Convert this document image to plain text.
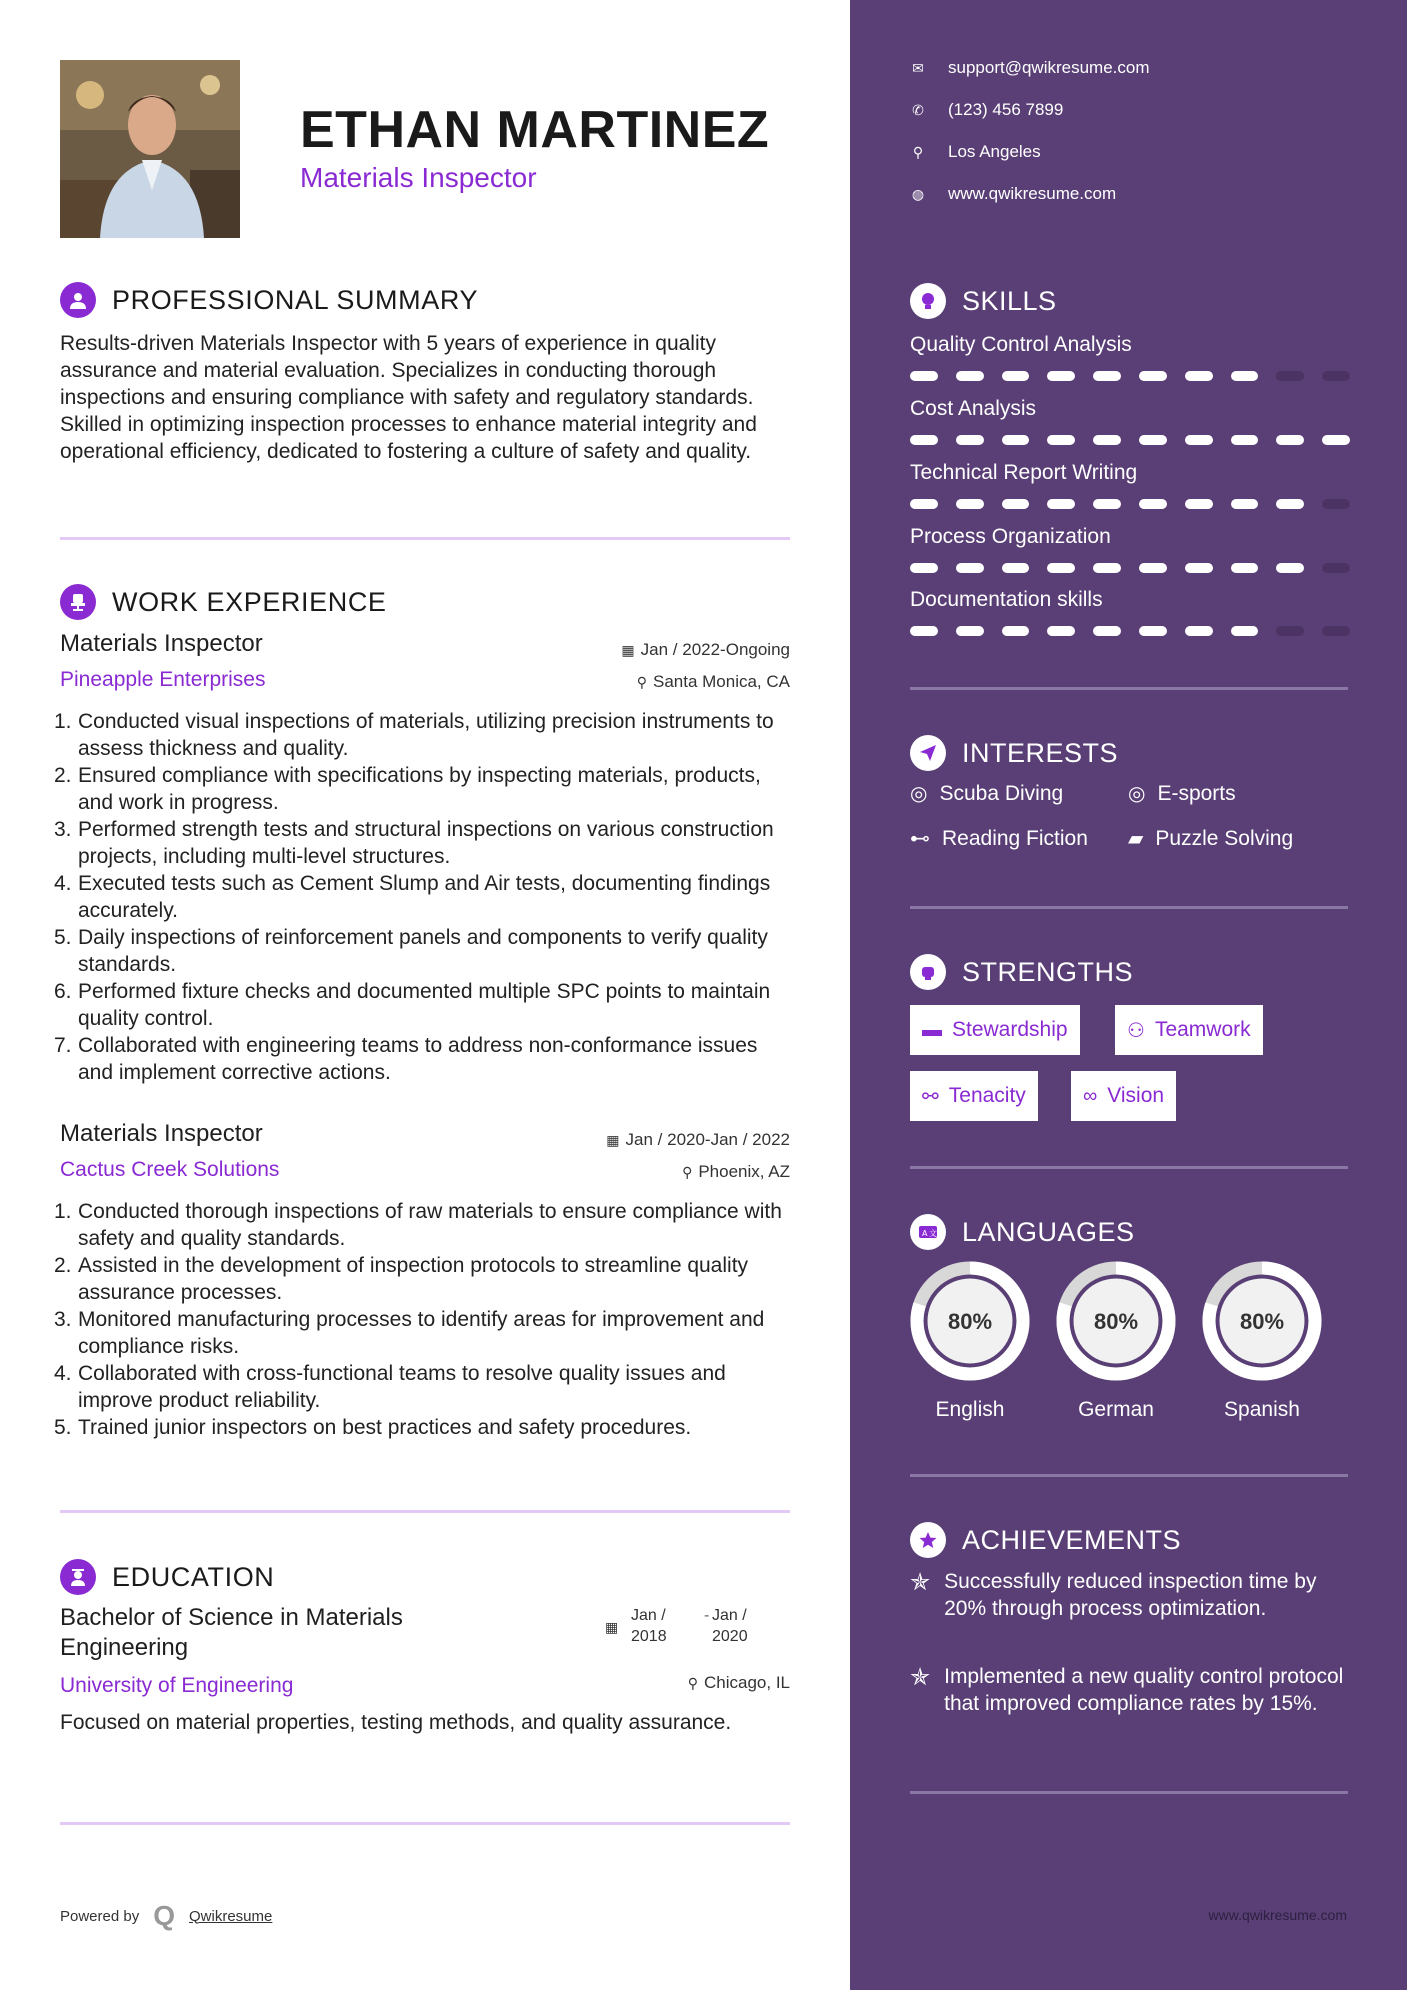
ETHAN MARTINEZ
Materials Inspector
PROFESSIONAL SUMMARY
Results-driven Materials Inspector with 5 years of experience in quality assurance and material evaluation. Specializes in conducting thorough inspections and ensuring compliance with safety and regulatory standards. Skilled in optimizing inspection processes to enhance material integrity and operational efficiency, dedicated to fostering a culture of safety and quality.
WORK EXPERIENCE
Materials Inspector
Pineapple Enterprises
▦ Jan / 2022-Ongoing
⚲ Santa Monica, CA
1. Conducted visual inspections of materials, utilizing precision instruments to assess thickness and quality.
2. Ensured compliance with specifications by inspecting materials, products, and work in progress.
3. Performed strength tests and structural inspections on various construction projects, including multi-level structures.
4. Executed tests such as Cement Slump and Air tests, documenting findings accurately.
5. Daily inspections of reinforcement panels and components to verify quality standards.
6. Performed fixture checks and documented multiple SPC points to maintain quality control.
7. Collaborated with engineering teams to address non-conformance issues and implement corrective actions.
Materials Inspector
Cactus Creek Solutions
▦ Jan / 2020-Jan / 2022
⚲ Phoenix, AZ
1. Conducted thorough inspections of raw materials to ensure compliance with safety and quality standards.
2. Assisted in the development of inspection protocols to streamline quality assurance processes.
3. Monitored manufacturing processes to identify areas for improvement and compliance risks.
4. Collaborated with cross-functional teams to resolve quality issues and improve product reliability.
5. Trained junior inspectors on best practices and safety procedures.
EDUCATION
Bachelor of Science in Materials Engineering
▦
Jan /
2018
- Jan /
2020
University of Engineering	⚲ Chicago, IL
Focused on material properties, testing methods, and quality assurance.
Powered by Q Qwikresume
✉ support@qwikresume.com
✆ (123) 456 7899
⚲ Los Angeles
◍ www.qwikresume.com
SKILLS
Quality Control Analysis
Cost Analysis
Technical Report Writing
Process Organization
Documentation skills
INTERESTS
◎ Scuba Diving	◎ E-sports
⊷ Reading Fiction ▰ Puzzle Solving
STRENGTHS
▬ Stewardship	⚇ Teamwork
⚯ Tenacity	∞ Vision
A 文 LANGUAGES
80%
English
80%
German
80%
Spanish
ACHIEVEMENTS
✯ Successfully reduced inspection time by 20% through process optimization.
✯ Implemented a new quality control protocol that improved compliance rates by 15%.
www.qwikresume.com
